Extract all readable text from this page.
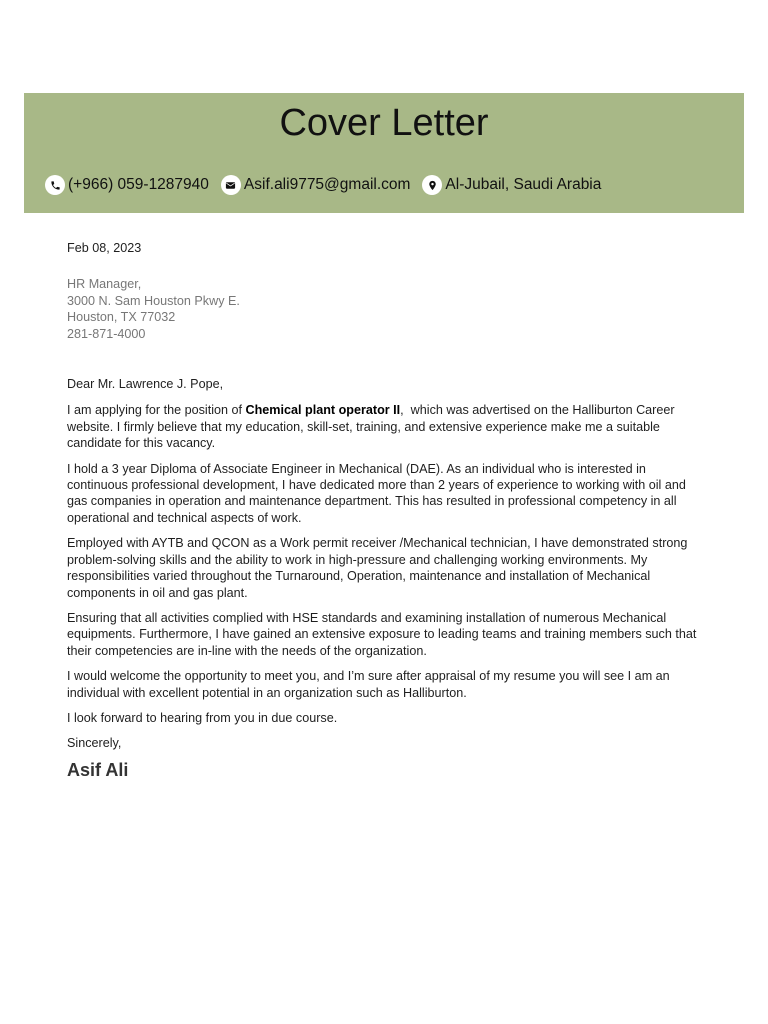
Cover Letter
(+966) 059-1287940 Asif.ali9775@gmail.com Al-Jubail, Saudi Arabia

Feb 08, 2023

HR Manager,
3000 N. Sam Houston Pkwy E.
Houston, TX 77032
281-871-4000

Dear Mr. Lawrence J. Pope,

I am applying for the position of Chemical plant operator II,  which was advertised on the Halliburton Career website. I firmly believe that my education, skill-set, training, and extensive experience make me a suitable candidate for this vacancy.

I hold a 3 year Diploma of Associate Engineer in Mechanical (DAE). As an individual who is interested in continuous professional development, I have dedicated more than 2 years of experience to working with oil and gas companies in operation and maintenance department. This has resulted in professional competency in all operational and technical aspects of work.

Employed with AYTB and QCON as a Work permit receiver /Mechanical technician, I have demonstrated strong problem-solving skills and the ability to work in high-pressure and challenging working environments. My responsibilities varied throughout the Turnaround, Operation, maintenance and installation of Mechanical components in oil and gas plant.

Ensuring that all activities complied with HSE standards and examining installation of numerous Mechanical equipments. Furthermore, I have gained an extensive exposure to leading teams and training members such that their competencies are in-line with the needs of the organization.

I would welcome the opportunity to meet you, and I’m sure after appraisal of my resume you will see I am an individual with excellent potential in an organization such as Halliburton.

I look forward to hearing from you in due course.

Sincerely,

Asif Ali
